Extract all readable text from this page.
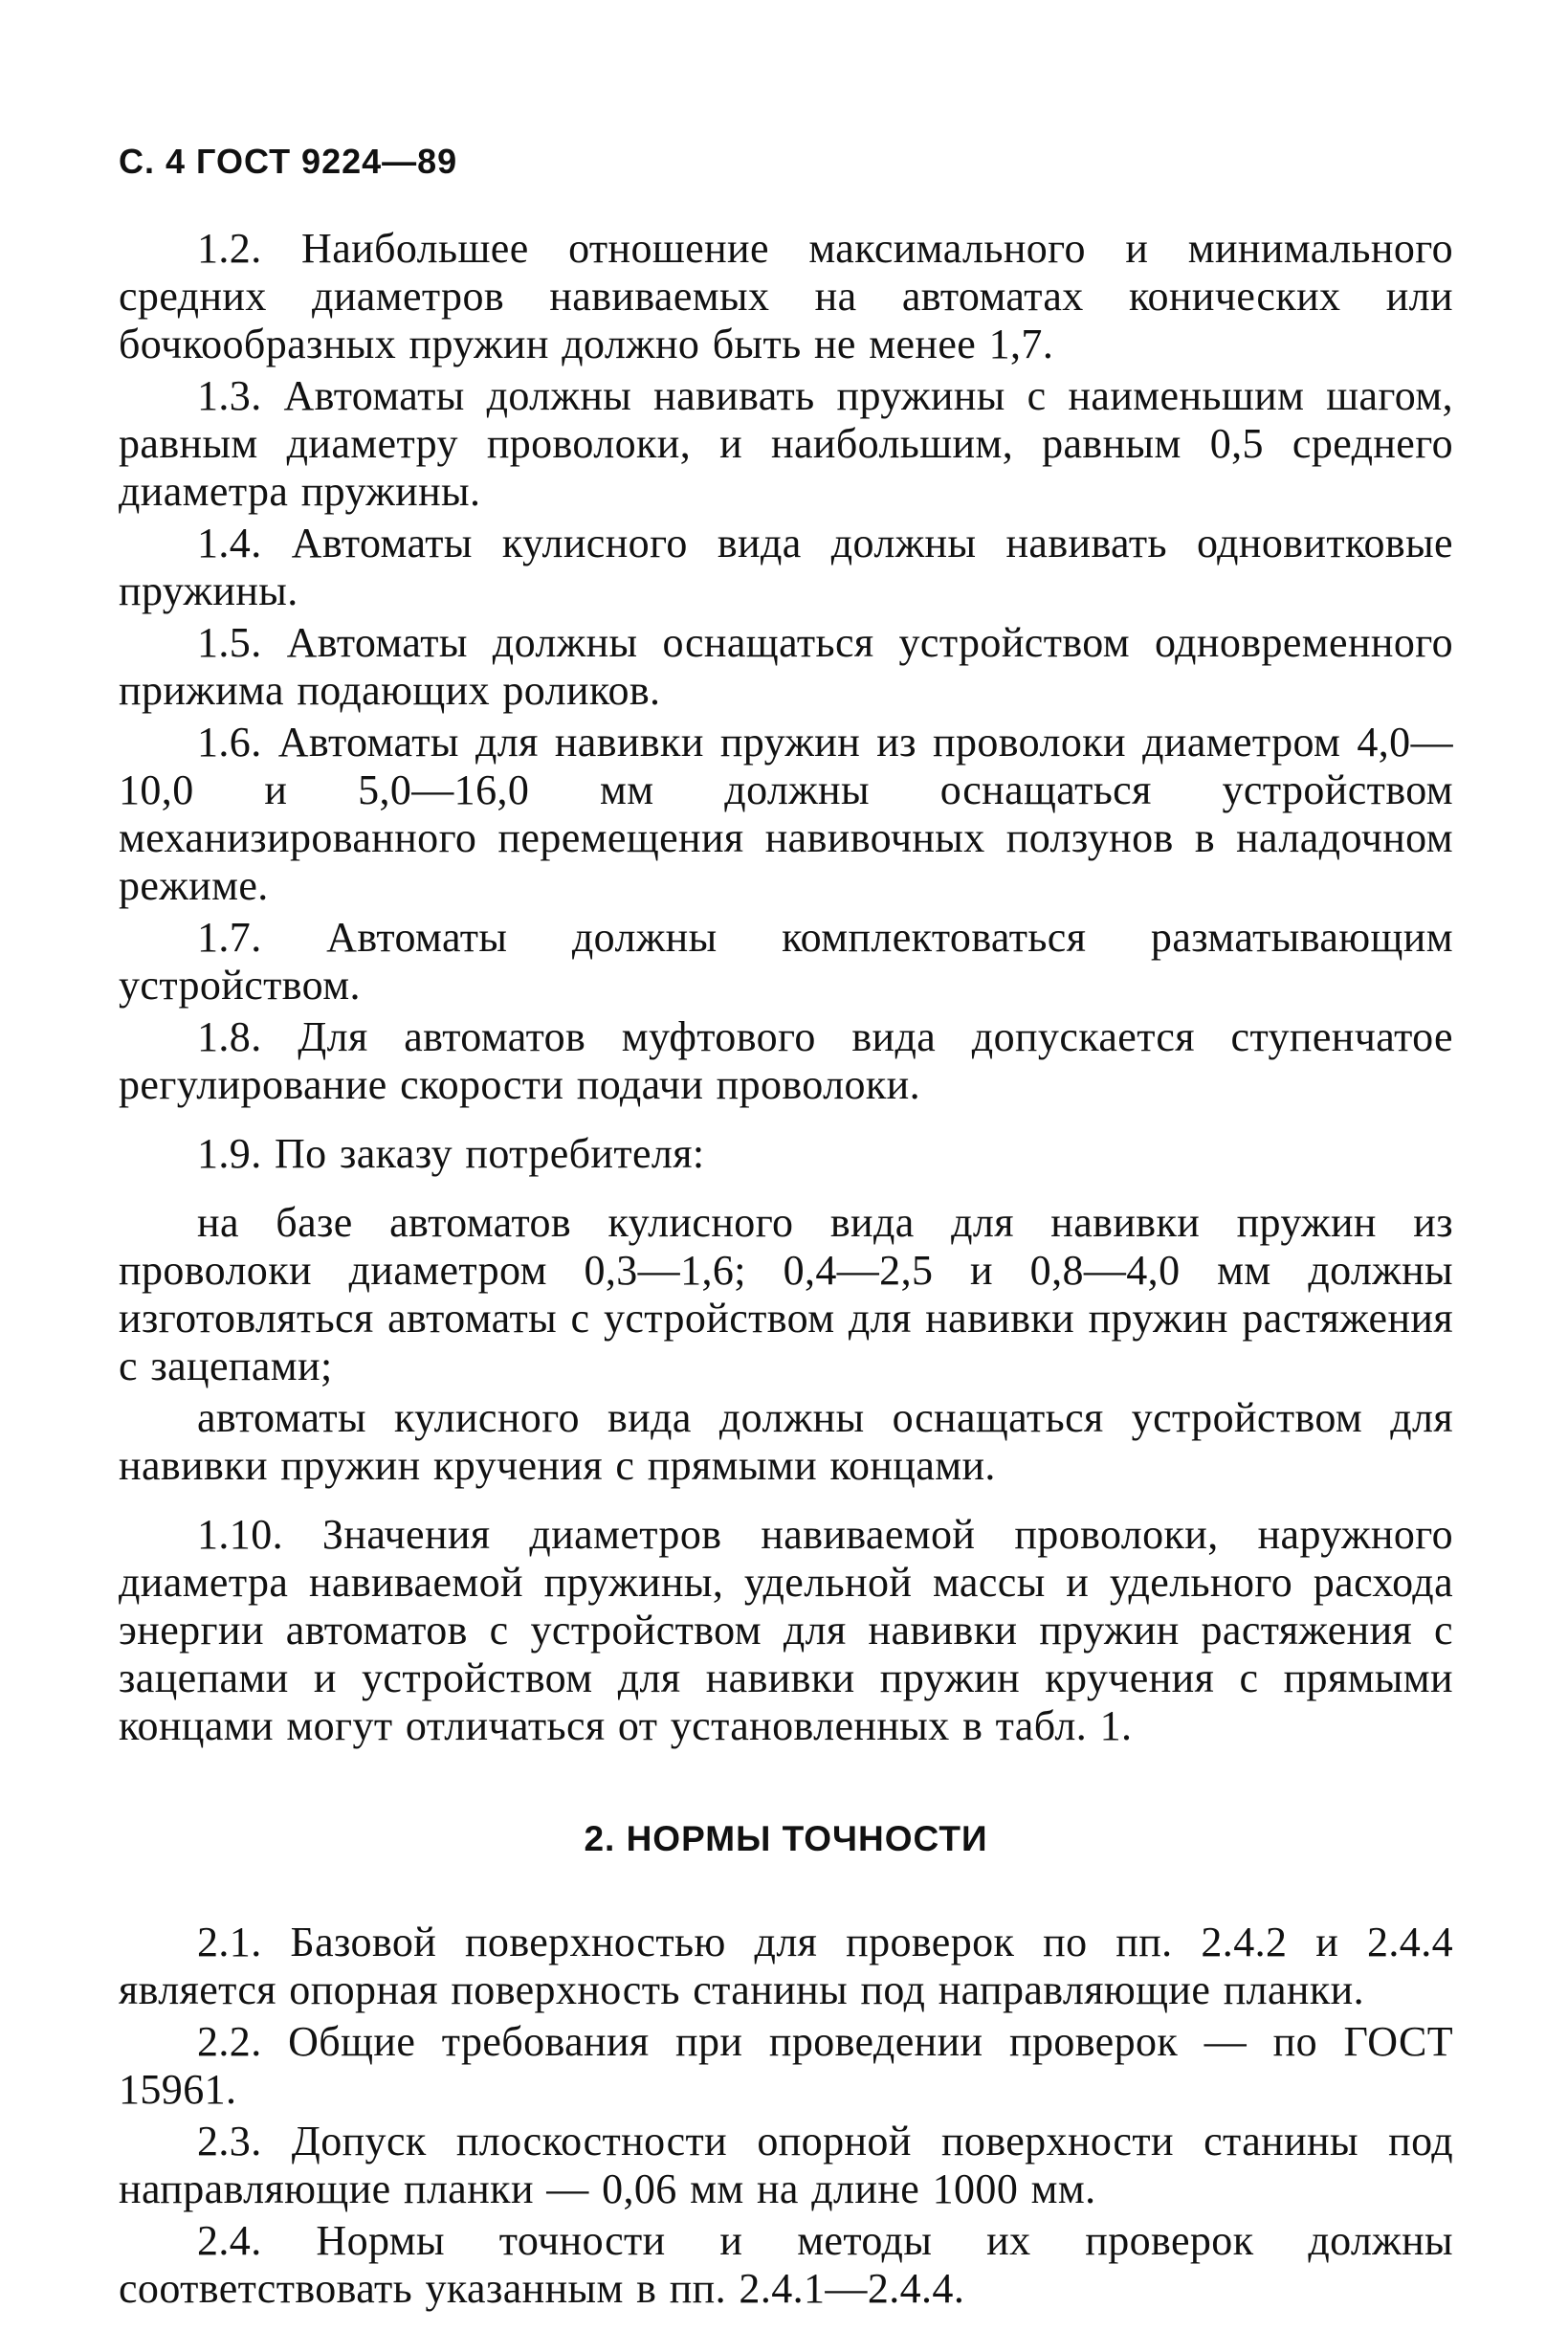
С. 4 ГОСТ 9224—89

1.2. Наибольшее отношение максимального и минимального средних диаметров навиваемых на автоматах конических или бочкообразных пружин должно быть не менее 1,7.

1.3. Автоматы должны навивать пружины с наименьшим шагом, равным диаметру проволоки, и наибольшим, равным 0,5 среднего диаметра пружины.

1.4. Автоматы кулисного вида должны навивать одновитковые пружины.

1.5. Автоматы должны оснащаться устройством одновременного прижима подающих роликов.

1.6. Автоматы для навивки пружин из проволоки диаметром 4,0—10,0 и 5,0—16,0 мм должны оснащаться устройством механизированного перемещения навивочных ползунов в наладочном режиме.

1.7. Автоматы должны комплектоваться разматывающим устройством.

1.8. Для автоматов муфтового вида допускается ступенчатое регулирование скорости подачи проволоки.

1.9. По заказу потребителя:

на базе автоматов кулисного вида для навивки пружин из проволоки диаметром 0,3—1,6; 0,4—2,5 и 0,8—4,0 мм должны изготовляться автоматы с устройством для навивки пружин растяжения с зацепами;

автоматы кулисного вида должны оснащаться устройством для навивки пружин кручения с прямыми концами.

1.10. Значения диаметров навиваемой проволоки, наружного диаметра навиваемой пружины, удельной массы и удельного расхода энергии автоматов с устройством для навивки пружин растяжения с зацепами и устройством для навивки пружин кручения с прямыми концами могут отличаться от установленных в табл. 1.

2. НОРМЫ ТОЧНОСТИ

2.1. Базовой поверхностью для проверок по пп. 2.4.2 и 2.4.4 является опорная поверхность станины под направляющие планки.

2.2. Общие требования при проведении проверок — по ГОСТ 15961.

2.3. Допуск плоскостности опорной поверхности станины под направляющие планки — 0,06 мм на длине 1000 мм.

2.4. Нормы точности и методы их проверок должны соответствовать указанным в пп. 2.4.1—2.4.4.
